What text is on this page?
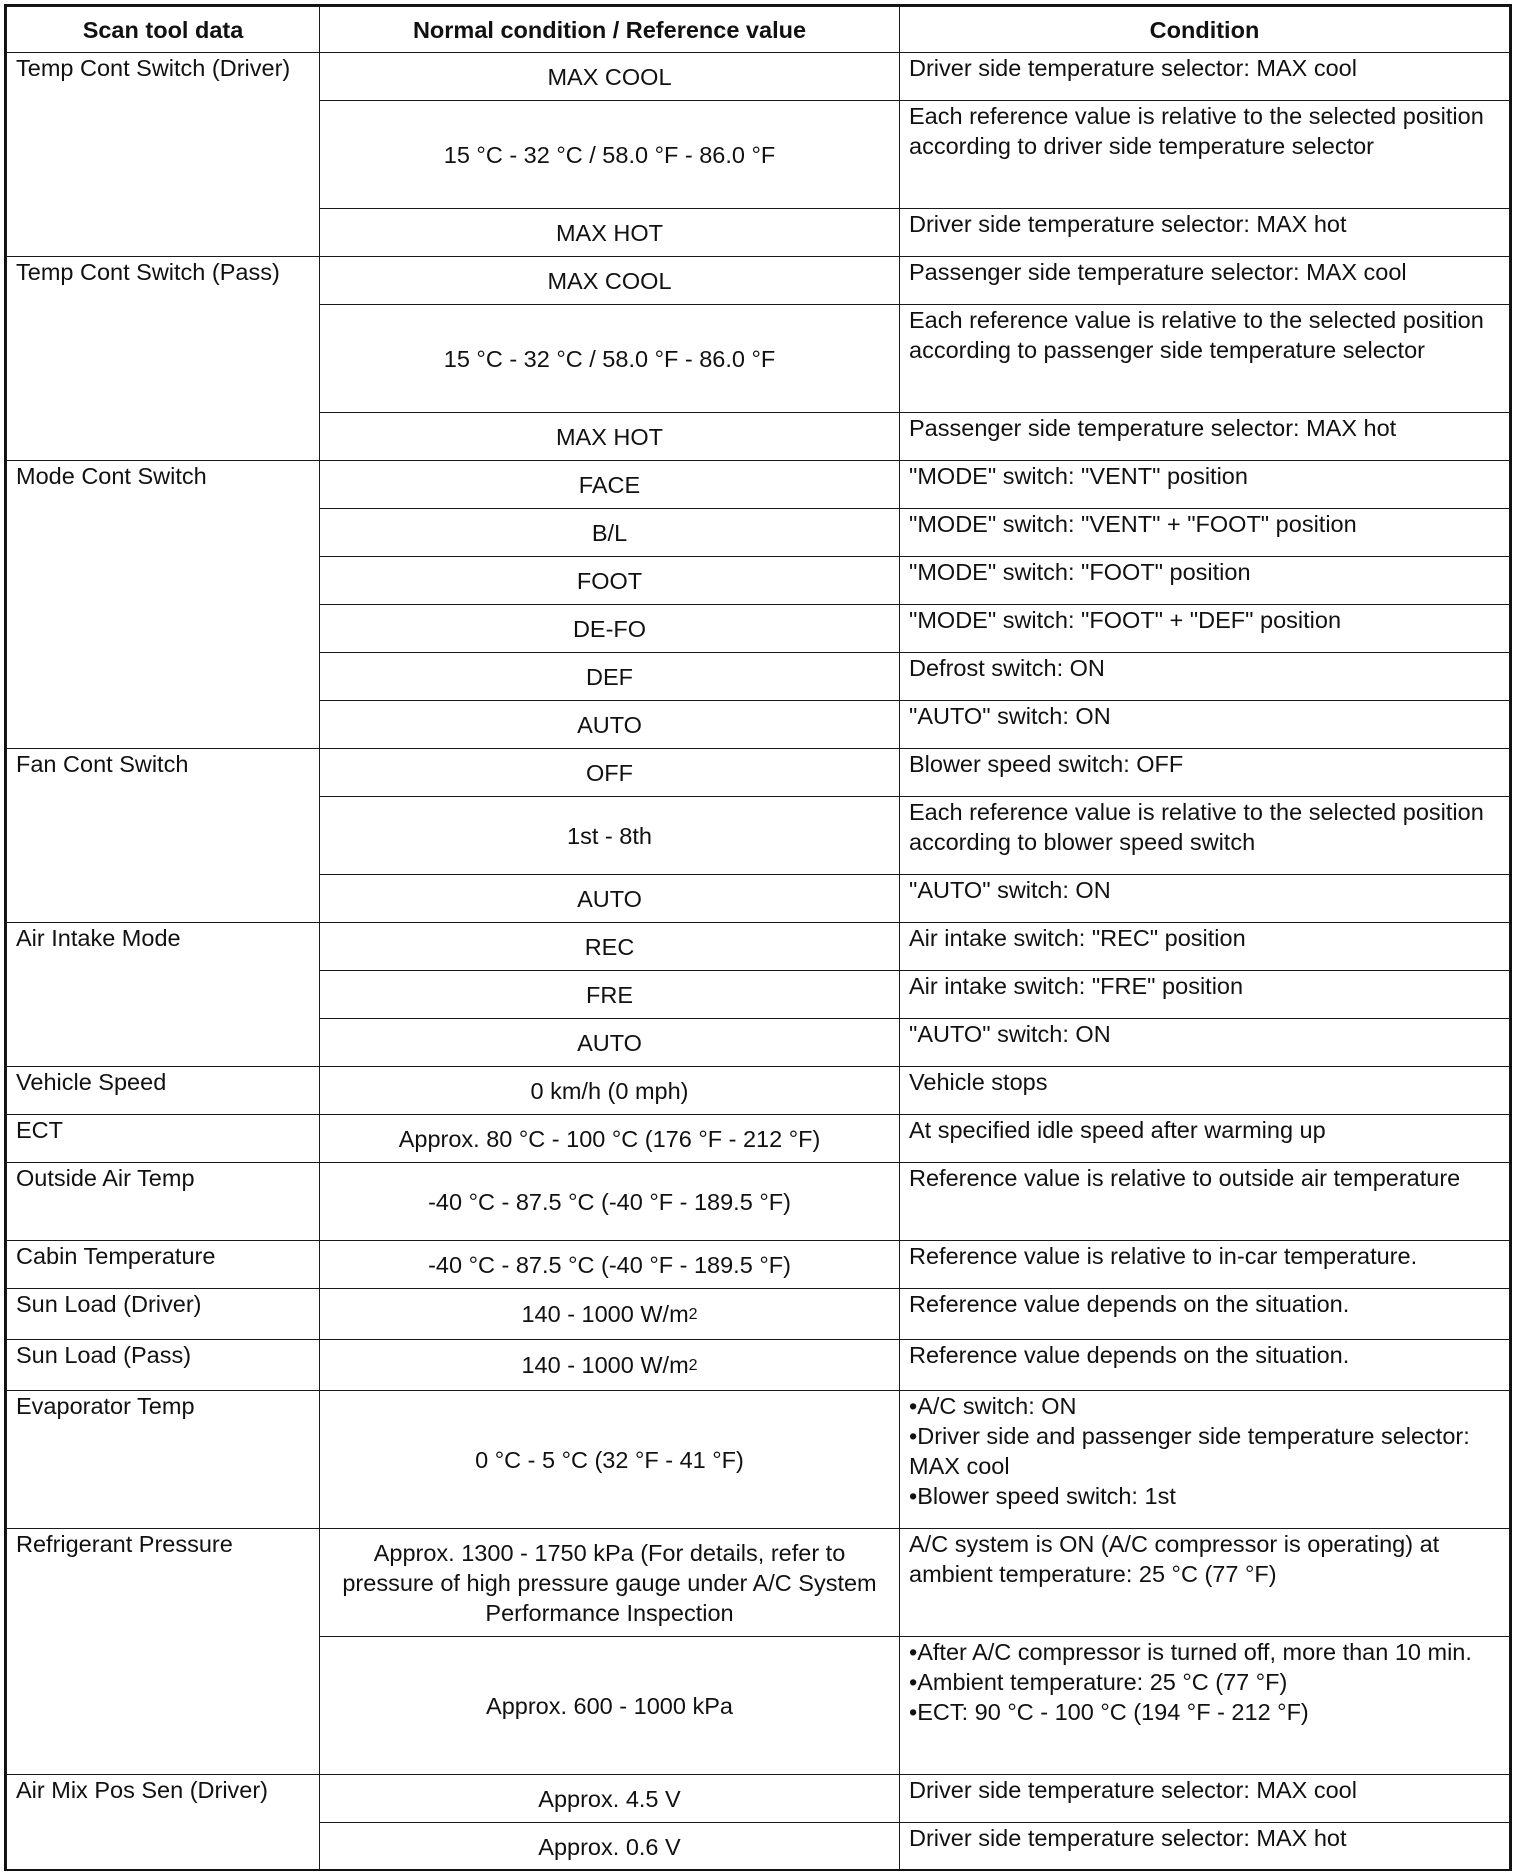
Scan tool data	Normal condition / Reference value	Condition
Temp Cont Switch (Driver)	MAX COOL	Driver side temperature selector: MAX cool

	15 °C - 32 °C / 58.0 °F - 86.0 °F	Each reference value is relative to the selected position according to driver side temperature selector

	MAX HOT	Driver side temperature selector: MAX hot

Temp Cont Switch (Pass)	MAX COOL	Passenger side temperature selector: MAX cool

	15 °C - 32 °C / 58.0 °F - 86.0 °F	Each reference value is relative to the selected position according to passenger side temperature selector

	MAX HOT	Passenger side temperature selector: MAX hot

Mode Cont Switch	FACE	"MODE" switch: "VENT" position

	B/L	"MODE" switch: "VENT" + "FOOT" position

	FOOT	"MODE" switch: "FOOT" position

	DE-FO	"MODE" switch: "FOOT" + "DEF" position

	DEF	Defrost switch: ON

	AUTO	"AUTO" switch: ON

Fan Cont Switch	OFF	Blower speed switch: OFF

	1st - 8th	Each reference value is relative to the selected position according to blower speed switch

	AUTO	"AUTO" switch: ON

Air Intake Mode	REC	Air intake switch: "REC" position

	FRE	Air intake switch: "FRE" position

	AUTO	"AUTO" switch: ON

Vehicle Speed	0 km/h (0 mph)	Vehicle stops

ECT	Approx. 80 °C - 100 °C (176 °F - 212 °F)	At specified idle speed after warming up

Outside Air Temp	-40 °C - 87.5 °C (-40 °F - 189.5 °F)	Reference value is relative to outside air temperature

Cabin Temperature	-40 °C - 87.5 °C (-40 °F - 189.5 °F)	Reference value is relative to in-car temperature.

Sun Load (Driver)	140 - 1000 $W/m^2$	Reference value depends on the situation.

Sun Load (Pass)	140 - 1000 $W/m^2$	Reference value depends on the situation.

Evaporator Temp	0 °C - 5 °C (32 °F - 41 °F)	•A/C switch: ON
•Driver side and passenger side temperature selector: MAX cool
•Blower speed switch: 1st

Refrigerant Pressure	Approx. 1300 - 1750 kPa (For details, refer to pressure of high pressure gauge under A/C System Performance Inspection	A/C system is ON (A/C compressor is operating) at ambient temperature: 25 °C (77 °F)

	Approx. 600 - 1000 kPa	•After A/C compressor is turned off, more than 10 min.
•Ambient temperature: 25 °C (77 °F)
•ECT: 90 °C - 100 °C (194 °F - 212 °F)

Air Mix Pos Sen (Driver)	Approx. 4.5 V	Driver side temperature selector: MAX cool

	Approx. 0.6 V	Driver side temperature selector: MAX hot
